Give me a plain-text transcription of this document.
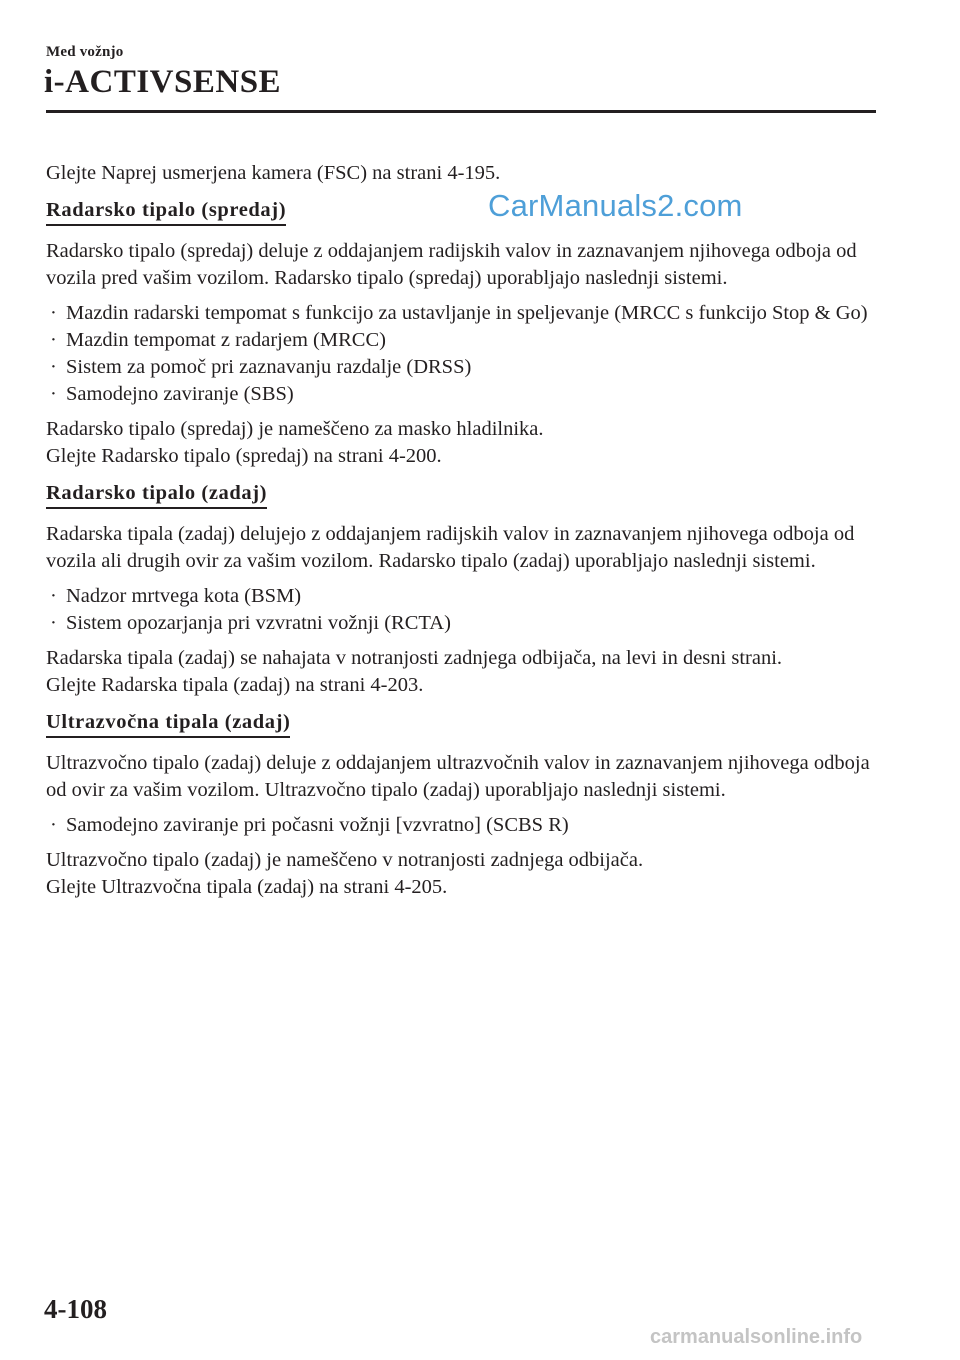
Med vožnjo
i-ACTIVSENSE
CarManuals2.com

Glejte Naprej usmerjena kamera (FSC) na strani 4-195.

Radarsko tipalo (spredaj)

Radarsko tipalo (spredaj) deluje z oddajanjem radijskih valov in zaznavanjem njihovega odboja od vozila pred vašim vozilom. Radarsko tipalo (spredaj) uporabljajo naslednji sistemi.

· Mazdin radarski tempomat s funkcijo za ustavljanje in speljevanje (MRCC s funkcijo Stop & Go)
· Mazdin tempomat z radarjem (MRCC)
· Sistem za pomoč pri zaznavanju razdalje (DRSS)
· Samodejno zaviranje (SBS)

Radarsko tipalo (spredaj) je nameščeno za masko hladilnika.

Glejte Radarsko tipalo (spredaj) na strani 4-200.

Radarsko tipalo (zadaj)

Radarska tipala (zadaj) delujejo z oddajanjem radijskih valov in zaznavanjem njihovega odboja od vozila ali drugih ovir za vašim vozilom. Radarsko tipalo (zadaj) uporabljajo naslednji sistemi.

· Nadzor mrtvega kota (BSM)
· Sistem opozarjanja pri vzvratni vožnji (RCTA)

Radarska tipala (zadaj) se nahajata v notranjosti zadnjega odbijača, na levi in desni strani.

Glejte Radarska tipala (zadaj) na strani 4-203.

Ultrazvočna tipala (zadaj)

Ultrazvočno tipalo (zadaj) deluje z oddajanjem ultrazvočnih valov in zaznavanjem njihovega odboja od ovir za vašim vozilom. Ultrazvočno tipalo (zadaj) uporabljajo naslednji sistemi.

· Samodejno zaviranje pri počasni vožnji [vzvratno] (SCBS R)

Ultrazvočno tipalo (zadaj) je nameščeno v notranjosti zadnjega odbijača.

Glejte Ultrazvočna tipala (zadaj) na strani 4-205.

4-108
carmanualsonline.info
